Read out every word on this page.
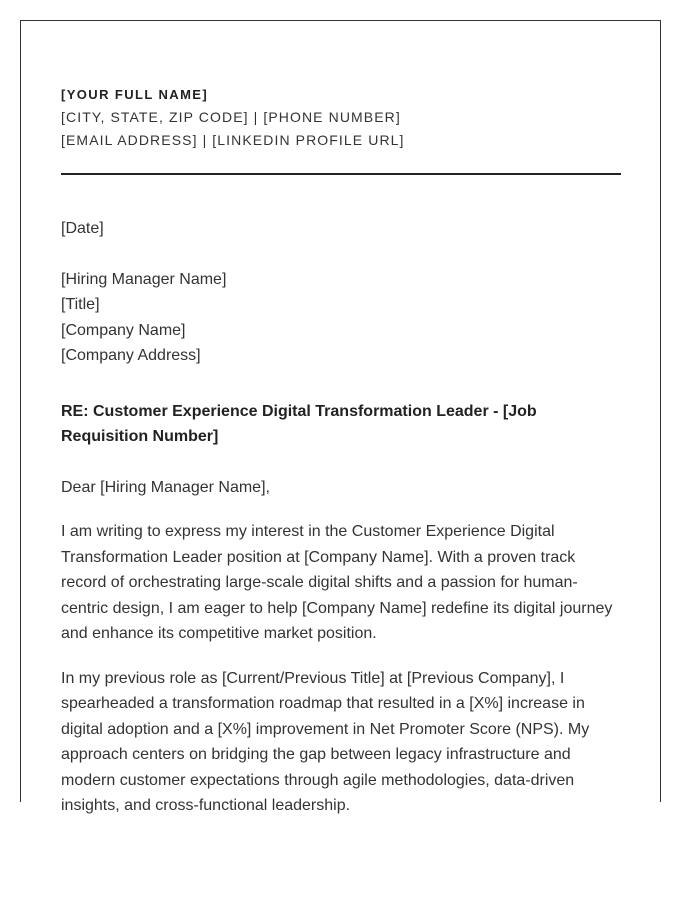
[YOUR FULL NAME]
[CITY, STATE, ZIP CODE] | [PHONE NUMBER]
[EMAIL ADDRESS] | [LINKEDIN PROFILE URL]
[Date]
[Hiring Manager Name]
[Title]
[Company Name]
[Company Address]
RE: Customer Experience Digital Transformation Leader - [Job Requisition Number]
Dear [Hiring Manager Name],
I am writing to express my interest in the Customer Experience Digital Transformation Leader position at [Company Name]. With a proven track record of orchestrating large-scale digital shifts and a passion for human-centric design, I am eager to help [Company Name] redefine its digital journey and enhance its competitive market position.
In my previous role as [Current/Previous Title] at [Previous Company], I spearheaded a transformation roadmap that resulted in a [X%] increase in digital adoption and a [X%] improvement in Net Promoter Score (NPS). My approach centers on bridging the gap between legacy infrastructure and modern customer expectations through agile methodologies, data-driven insights, and cross-functional leadership.
